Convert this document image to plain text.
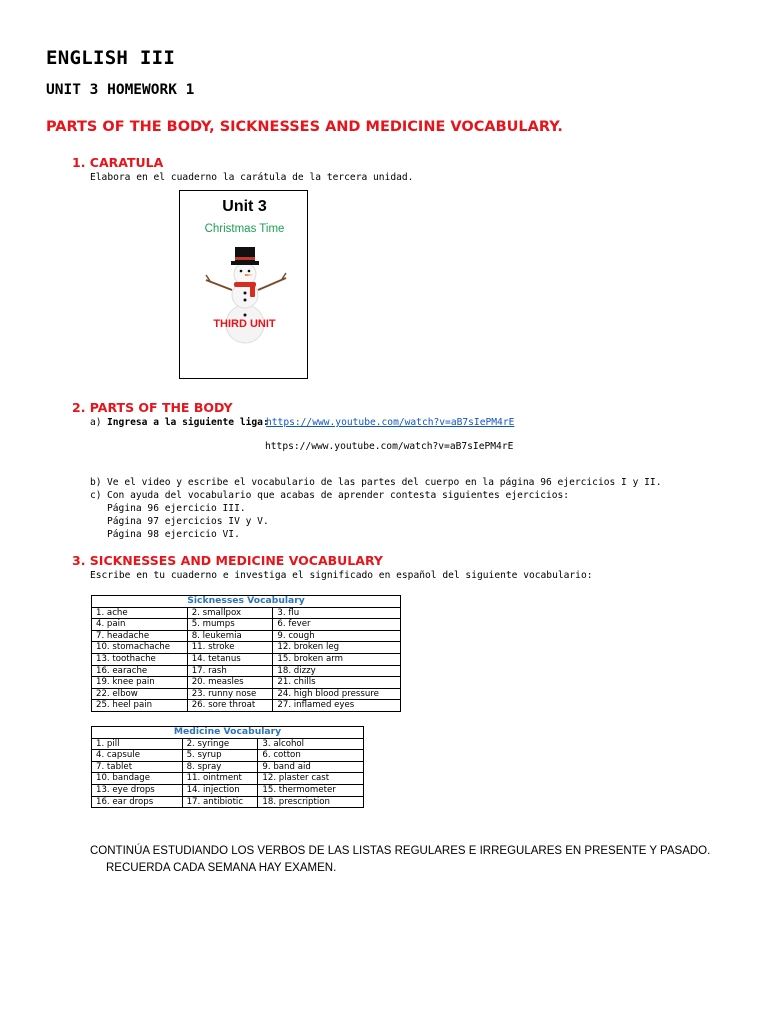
ENGLISH III
UNIT 3 HOMEWORK 1
PARTS OF THE BODY, SICKNESSES AND MEDICINE VOCABULARY.
1. CARATULA
Elabora en el cuaderno la carátula de la tercera unidad.
Unit 3
Christmas Time
THIRD UNIT
2. PARTS OF THE BODY
a) Ingresa a la siguiente liga:
https://www.youtube.com/watch?v=aB7sIePM4rE
https://www.youtube.com/watch?v=aB7sIePM4rE
b) Ve el video y escribe el vocabulario de las partes del cuerpo en la página 96 ejercicios I y II.
c) Con ayuda del vocabulario que acabas de aprender contesta siguientes ejercicios:
Página 96 ejercicio III.
Página 97 ejercicios IV y V.
Página 98 ejercicio VI.
3. SICKNESSES AND MEDICINE VOCABULARY
Escribe en tu cuaderno e investiga el significado en español del siguiente vocabulario:
Sicknesses Vocabulary		
1. ache	2. smallpox	3. flu
4. pain	5. mumps	6. fever
7. headache	8. leukemia	9. cough
10. stomachache	11. stroke	12. broken leg
13. toothache	14. tetanus	15. broken arm
16. earache	17. rash	18. dizzy
19. knee pain	20. measles	21. chills
22. elbow	23. runny nose	24. high blood pressure
25. heel pain	26. sore throat	27. inflamed eyes
Medicine Vocabulary		
1. pill	2. syringe	3. alcohol
4. capsule	5. syrup	6. cotton
7. tablet	8. spray	9. band aid
10. bandage	11. ointment	12. plaster cast
13. eye drops	14. injection	15. thermometer
16. ear drops	17. antibiotic	18. prescription
CONTINÚA ESTUDIANDO LOS VERBOS DE LAS LISTAS REGULARES E IRREGULARES EN PRESENTE Y PASADO.
RECUERDA CADA SEMANA HAY EXAMEN.
